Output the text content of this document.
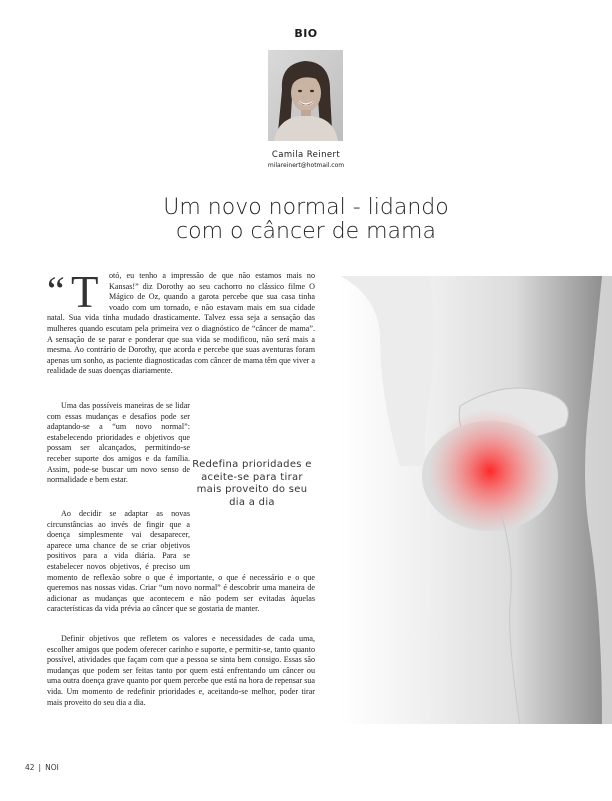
BIO
Camila Reinert
milareinert@hotmail.com
Um novo normal - lidando
com o câncer de mama
“ T otó, eu tenho a impressão de que não estamos mais no Kansas!” diz Dorothy ao seu cachorro no clássico filme O Mágico de Oz, quando a garota percebe que sua casa tinha voado com um tornado, e não estavam mais em sua cidade natal. Sua vida tinha mudado drasticamente. Talvez essa seja a sensação das mulheres quando escutam pela primeira vez o diagnóstico de “câncer de mama”. A sensação de se parar e ponderar que sua vida se modificou, não será mais a mesma. Ao contrário de Dorothy, que acorda e percebe que suas aventuras foram apenas um sonho, as paciente diagnosticadas com câncer de mama têm que viver a realidade de suas doenças diariamente.
Uma das possíveis maneiras de se lidar com essas mudanças e desafios pode ser adaptando-se a “um novo normal”: estabelecendo prioridades e objetivos que possam ser alcançados, permitindo-se receber suporte dos amigos e da família. Assim, pode-se buscar um novo senso de normalidade e bem estar.
Ao decidir se adaptar as novas circunstâncias ao invés de fingir que a doença simplesmente vai desaparecer, aparece uma chance de se criar objetivos positivos para a vida diária. Para se estabelecer novos objetivos, é preciso um momento de reflexão sobre o que é importante, o que é necessário e o que queremos nas nossas vidas. Criar “um novo normal” é descobrir uma maneira de adicionar as mudanças que acontecem e não podem ser evitadas àquelas características da vida prévia ao câncer que se gostaria de manter.
Definir objetivos que refletem os valores e necessidades de cada uma, escolher amigos que podem oferecer carinho e suporte, e permitir-se, tanto quanto possível, atividades que façam com que a pessoa se sinta bem consigo. Essas são mudanças que podem ser feitas tanto por quem está enfrentando um câncer ou uma outra doença grave quanto por quem percebe que está na hora de repensar sua vida. Um momento de redefinir prioridades e, aceitando-se melhor, poder tirar mais proveito do seu dia a dia.
Redefina prioridades e aceite-se para tirar mais proveito do seu dia a dia
42 | NOI
